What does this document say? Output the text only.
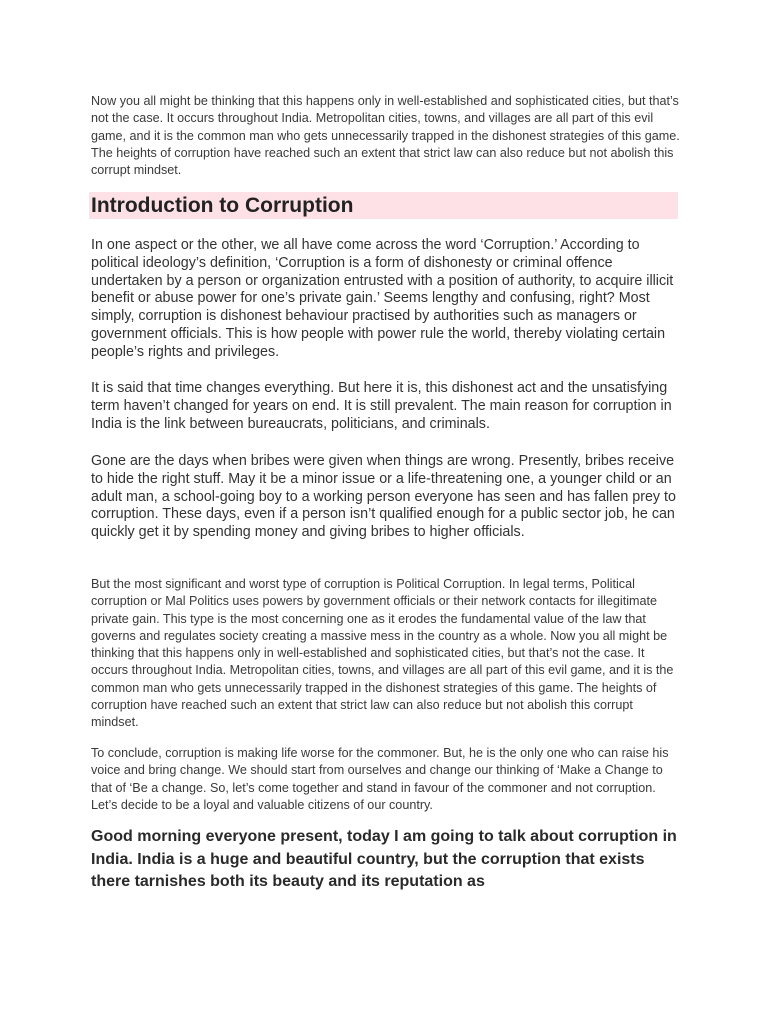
Now you all might be thinking that this happens only in well-established and sophisticated cities, but that’s not the case. It occurs throughout India. Metropolitan cities, towns, and villages are all part of this evil game, and it is the common man who gets unnecessarily trapped in the dishonest strategies of this game. The heights of corruption have reached such an extent that strict law can also reduce but not abolish this corrupt mindset.

Introduction to Corruption

In one aspect or the other, we all have come across the word ‘Corruption.’ According to political ideology’s definition, ‘Corruption is a form of dishonesty or criminal offence undertaken by a person or organization entrusted with a position of authority, to acquire illicit benefit or abuse power for one’s private gain.’ Seems lengthy and confusing, right? Most simply, corruption is dishonest behaviour practised by authorities such as managers or government officials. This is how people with power rule the world, thereby violating certain people’s rights and privileges.

It is said that time changes everything. But here it is, this dishonest act and the unsatisfying term haven’t changed for years on end. It is still prevalent. The main reason for corruption in India is the link between bureaucrats, politicians, and criminals.

Gone are the days when bribes were given when things are wrong. Presently, bribes receive to hide the right stuff. May it be a minor issue or a life-threatening one, a younger child or an adult man, a school-going boy to a working person everyone has seen and has fallen prey to corruption. These days, even if a person isn’t qualified enough for a public sector job, he can quickly get it by spending money and giving bribes to higher officials.

But the most significant and worst type of corruption is Political Corruption. In legal terms, Political corruption or Mal Politics uses powers by government officials or their network contacts for illegitimate private gain. This type is the most concerning one as it erodes the fundamental value of the law that governs and regulates society creating a massive mess in the country as a whole. Now you all might be thinking that this happens only in well-established and sophisticated cities, but that’s not the case. It occurs throughout India. Metropolitan cities, towns, and villages are all part of this evil game, and it is the common man who gets unnecessarily trapped in the dishonest strategies of this game. The heights of corruption have reached such an extent that strict law can also reduce but not abolish this corrupt mindset.

To conclude, corruption is making life worse for the commoner. But, he is the only one who can raise his voice and bring change. We should start from ourselves and change our thinking of ‘Make a Change to that of ‘Be a change. So, let’s come together and stand in favour of the commoner and not corruption. Let’s decide to be a loyal and valuable citizens of our country.

Good morning everyone present, today I am going to talk about corruption in India. India is a huge and beautiful country, but the corruption that exists there tarnishes both its beauty and its reputation as
